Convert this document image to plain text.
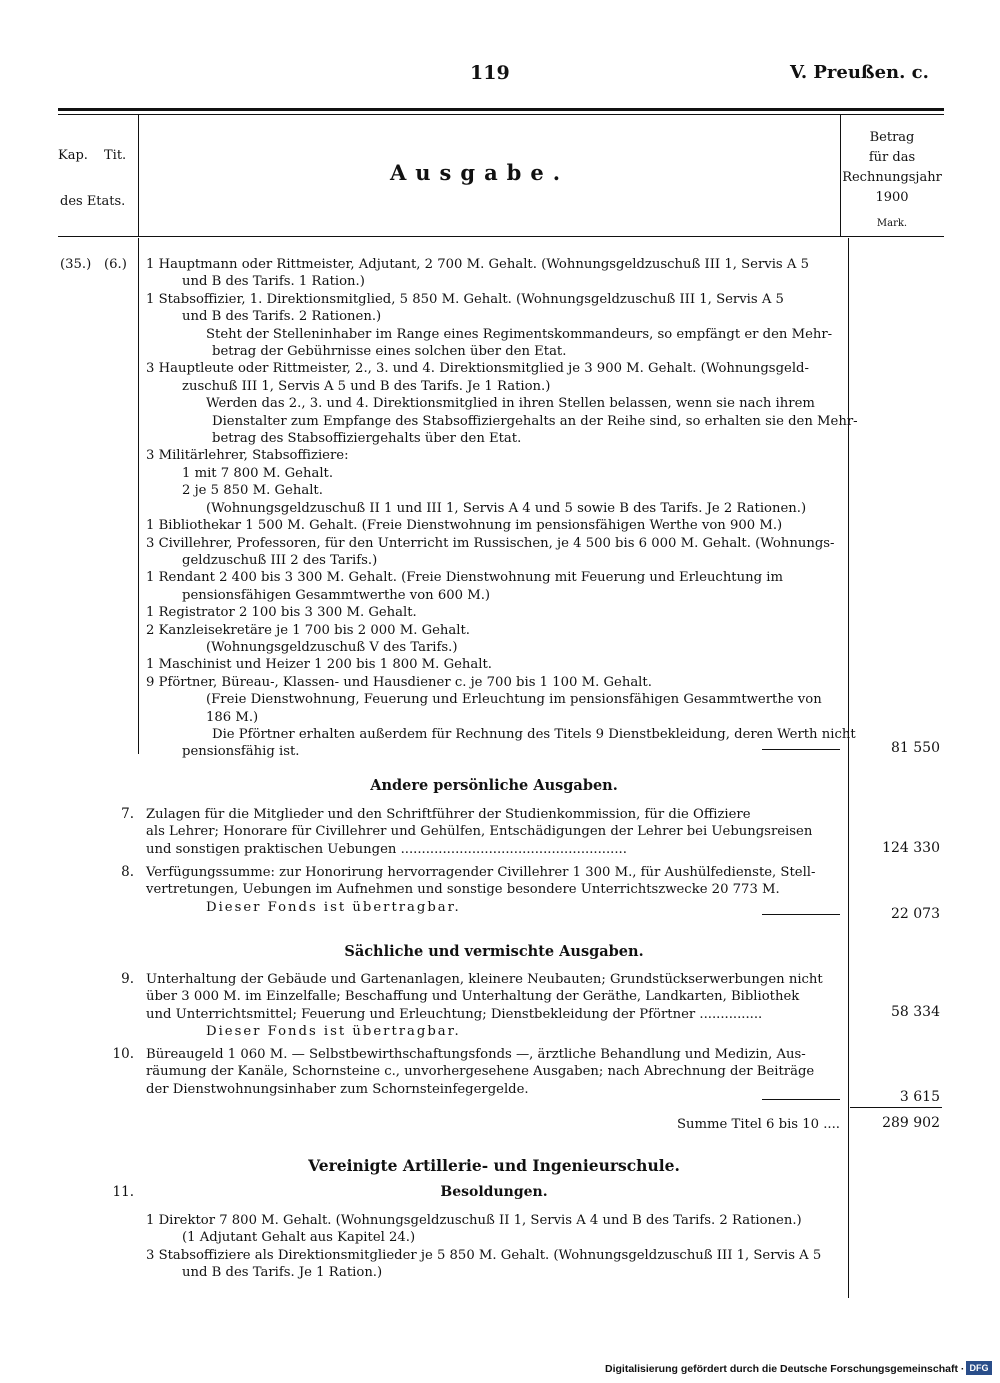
119	V. Preußen. c.
Kap. Tit.
des Etats.
Ausgabe.
Betrag
für das
Rechnungsjahr
1900
Mark.
(35.) (6.) 1 Hauptmann oder Rittmeister, Adjutant, 2 700 M. Gehalt. (Wohnungsgeldzuschuß III 1, Servis A 5
und B des Tarifs. 1 Ration.)
1 Stabsoffizier, 1. Direktionsmitglied, 5 850 M. Gehalt. (Wohnungsgeldzuschuß III 1, Servis A 5
und B des Tarifs. 2 Rationen.)
Steht der Stelleninhaber im Range eines Regimentskommandeurs, so empfängt er den Mehr-
betrag der Gebührnisse eines solchen über den Etat.
3 Hauptleute oder Rittmeister, 2., 3. und 4. Direktionsmitglied je 3 900 M. Gehalt. (Wohnungsgeld-
zuschuß III 1, Servis A 5 und B des Tarifs. Je 1 Ration.)
Werden das 2., 3. und 4. Direktionsmitglied in ihren Stellen belassen, wenn sie nach ihrem
Dienstalter zum Empfange des Stabsoffiziergehalts an der Reihe sind, so erhalten sie den Mehr-
betrag des Stabsoffiziergehalts über den Etat.
3 Militärlehrer, Stabsoffiziere:
1 mit 7 800 M. Gehalt.
2 je 5 850 M. Gehalt.
(Wohnungsgeldzuschuß II 1 und III 1, Servis A 4 und 5 sowie B des Tarifs. Je 2 Rationen.)
1 Bibliothekar 1 500 M. Gehalt. (Freie Dienstwohnung im pensionsfähigen Werthe von 900 M.)
3 Civillehrer, Professoren, für den Unterricht im Russischen, je 4 500 bis 6 000 M. Gehalt. (Wohnungs-
geldzuschuß III 2 des Tarifs.)
1 Rendant 2 400 bis 3 300 M. Gehalt. (Freie Dienstwohnung mit Feuerung und Erleuchtung im
pensionsfähigen Gesammtwerthe von 600 M.)
1 Registrator 2 100 bis 3 300 M. Gehalt.
2 Kanzleisekretäre je 1 700 bis 2 000 M. Gehalt.
(Wohnungsgeldzuschuß V des Tarifs.)
1 Maschinist und Heizer 1 200 bis 1 800 M. Gehalt.
9 Pförtner, Büreau-, Klassen- und Hausdiener c. je 700 bis 1 100 M. Gehalt.
(Freie Dienstwohnung, Feuerung und Erleuchtung im pensionsfähigen Gesammtwerthe von
186 M.)
Die Pförtner erhalten außerdem für Rechnung des Titels 9 Dienstbekleidung, deren Werth nicht
pensionsfähig ist.	81 550
Andere persönliche Ausgaben.
7. Zulagen für die Mitglieder und den Schriftführer der Studienkommission, für die Offiziere
als Lehrer; Honorare für Civillehrer und Gehülfen, Entschädigungen der Lehrer bei Uebungsreisen
und sonstigen praktischen Uebungen ......................................................	124 330
8. Verfügungssumme: zur Honorirung hervorragender Civillehrer 1 300 M., für Aushülfedienste, Stell-
vertretungen, Uebungen im Aufnehmen und sonstige besondere Unterrichtszwecke 20 773 M.
Dieser Fonds ist übertragbar.	22 073
Sächliche und vermischte Ausgaben.
9. Unterhaltung der Gebäude und Gartenanlagen, kleinere Neubauten; Grundstückserwerbungen nicht
über 3 000 M. im Einzelfalle; Beschaffung und Unterhaltung der Geräthe, Landkarten, Bibliothek
und Unterrichtsmittel; Feuerung und Erleuchtung; Dienstbekleidung der Pförtner ...............
Dieser Fonds ist übertragbar.
58 334
10. Büreaugeld 1 060 M. — Selbstbewirthschaftungsfonds —, ärztliche Behandlung und Medizin, Aus-
räumung der Kanäle, Schornsteine c., unvorhergesehene Ausgaben; nach Abrechnung der Beiträge
der Dienstwohnungsinhaber zum Schornsteinfegergelde.	3 615
Summe Titel 6 bis 10 ....	289 902
Vereinigte Artillerie- und Ingenieurschule.
11.	Besoldungen.
1 Direktor 7 800 M. Gehalt. (Wohnungsgeldzuschuß II 1, Servis A 4 und B des Tarifs. 2 Rationen.)
(1 Adjutant Gehalt aus Kapitel 24.)
3 Stabsoffiziere als Direktionsmitglieder je 5 850 M. Gehalt. (Wohnungsgeldzuschuß III 1, Servis A 5
und B des Tarifs. Je 1 Ration.)
Digitalisierung gefördert durch die Deutsche Forschungsgemeinschaft · DFG
